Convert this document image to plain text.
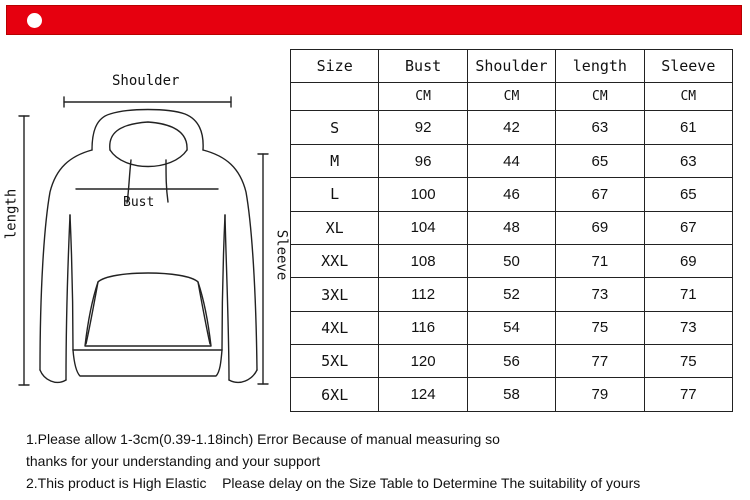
Shoulder
Bust
length
Sleeve
Size	Bust	Shoulder	length	Sleeve
	CM	CM	CM	CM
S	92	42	63	61
M	96	44	65	63
L	100	46	67	65
XL	104	48	69	67
XXL	108	50	71	69
3XL	112	52	73	71
4XL	116	54	75	73
5XL	120	56	77	75
6XL	124	58	79	77
1.Please allow 1-3cm(0.39-1.18inch) Error Because of manual measuring so
thanks for your understanding and your support
2.This product is High Elastic    Please delay on the Size Table to Determine The suitability of yours
